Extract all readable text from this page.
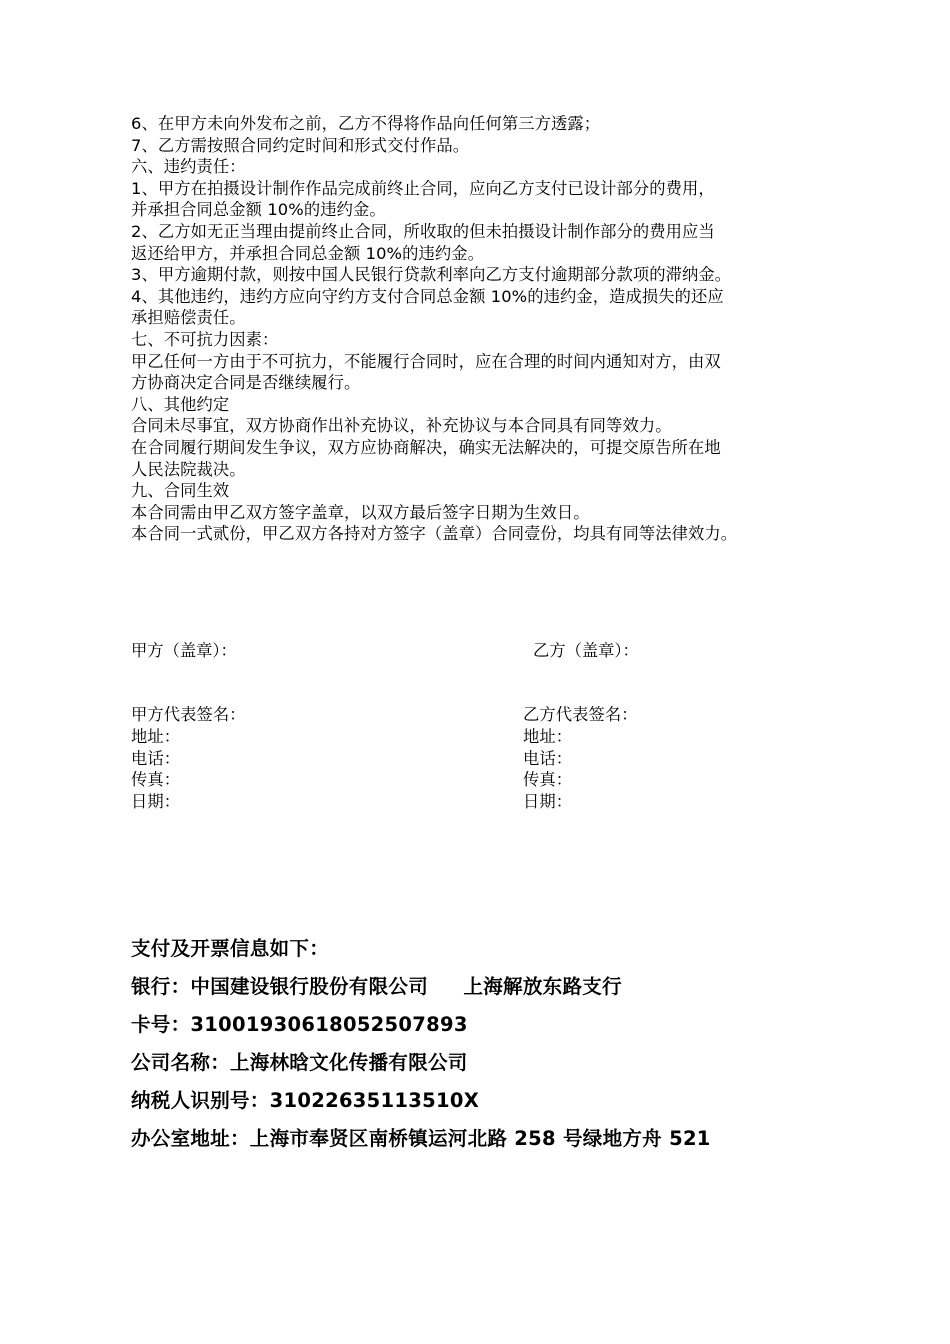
6、在甲方未向外发布之前，乙方不得将作品向任何第三方透露；
7、乙方需按照合同约定时间和形式交付作品。
六、违约责任：
1、甲方在拍摄设计制作作品完成前终止合同，应向乙方支付已设计部分的费用，
并承担合同总金额 10%的违约金。
2、乙方如无正当理由提前终止合同，所收取的但未拍摄设计制作部分的费用应当
返还给甲方，并承担合同总金额 10%的违约金。
3、甲方逾期付款，则按中国人民银行贷款利率向乙方支付逾期部分款项的滞纳金。
4、其他违约，违约方应向守约方支付合同总金额 10%的违约金，造成损失的还应
承担赔偿责任。
七、不可抗力因素：
甲乙任何一方由于不可抗力，不能履行合同时，应在合理的时间内通知对方，由双
方协商决定合同是否继续履行。
八、其他约定
合同未尽事宜，双方协商作出补充协议，补充协议与本合同具有同等效力。
在合同履行期间发生争议，双方应协商解决，确实无法解决的，可提交原告所在地
人民法院裁决。
九、合同生效
本合同需由甲乙双方签字盖章，以双方最后签字日期为生效日。
本合同一式贰份，甲乙双方各持对方签字（盖章）合同壹份，均具有同等法律效力。
甲方（盖章）：	乙方（盖章）：
甲方代表签名：
地址：
电话：
传真：
日期：
乙方代表签名：
地址：
电话：
传真：
日期：
支付及开票信息如下：
银行：中国建设银行股份有限公司     上海解放东路支行
卡号：31001930618052507893
公司名称：上海林晗文化传播有限公司
纳税人识别号：31022635113510X
办公室地址：上海市奉贤区南桥镇运河北路 258 号绿地方舟 521
